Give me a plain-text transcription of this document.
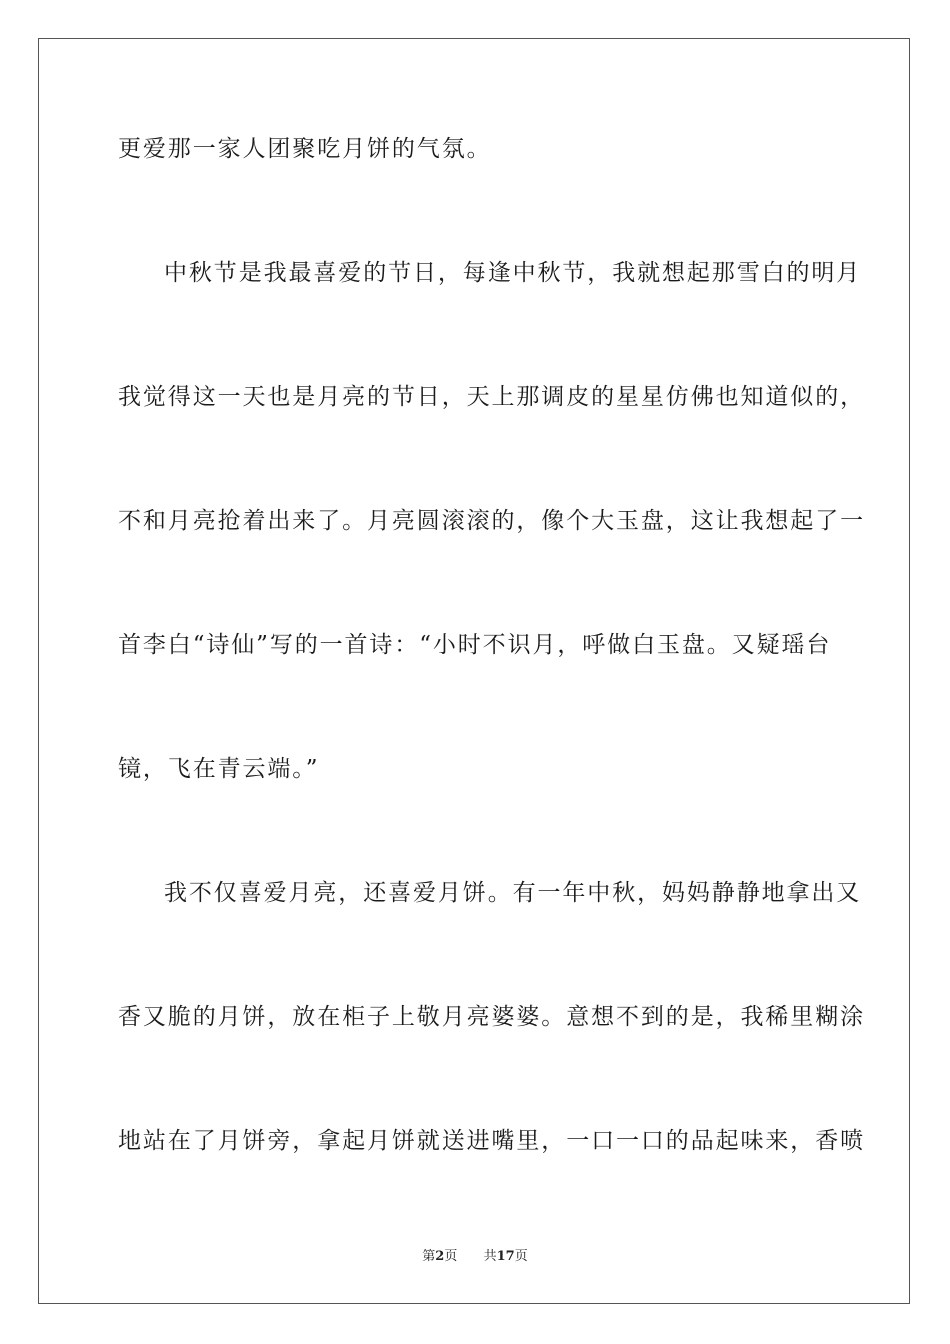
更爱那一家人团聚吃月饼的气氛。
中秋节是我最喜爱的节日，每逢中秋节，我就想起那雪白的明月
我觉得这一天也是月亮的节日，天上那调皮的星星仿佛也知道似的，
不和月亮抢着出来了。月亮圆滚滚的，像个大玉盘，这让我想起了一
首李白“诗仙”写的一首诗：“小时不识月，呼做白玉盘。又疑瑶台
镜，飞在青云端。”
我不仅喜爱月亮，还喜爱月饼。有一年中秋，妈妈静静地拿出又
香又脆的月饼，放在柜子上敬月亮婆婆。意想不到的是，我稀里糊涂
地站在了月饼旁，拿起月饼就送进嘴里，一口一口的品起味来，香喷
第2页 共17页
